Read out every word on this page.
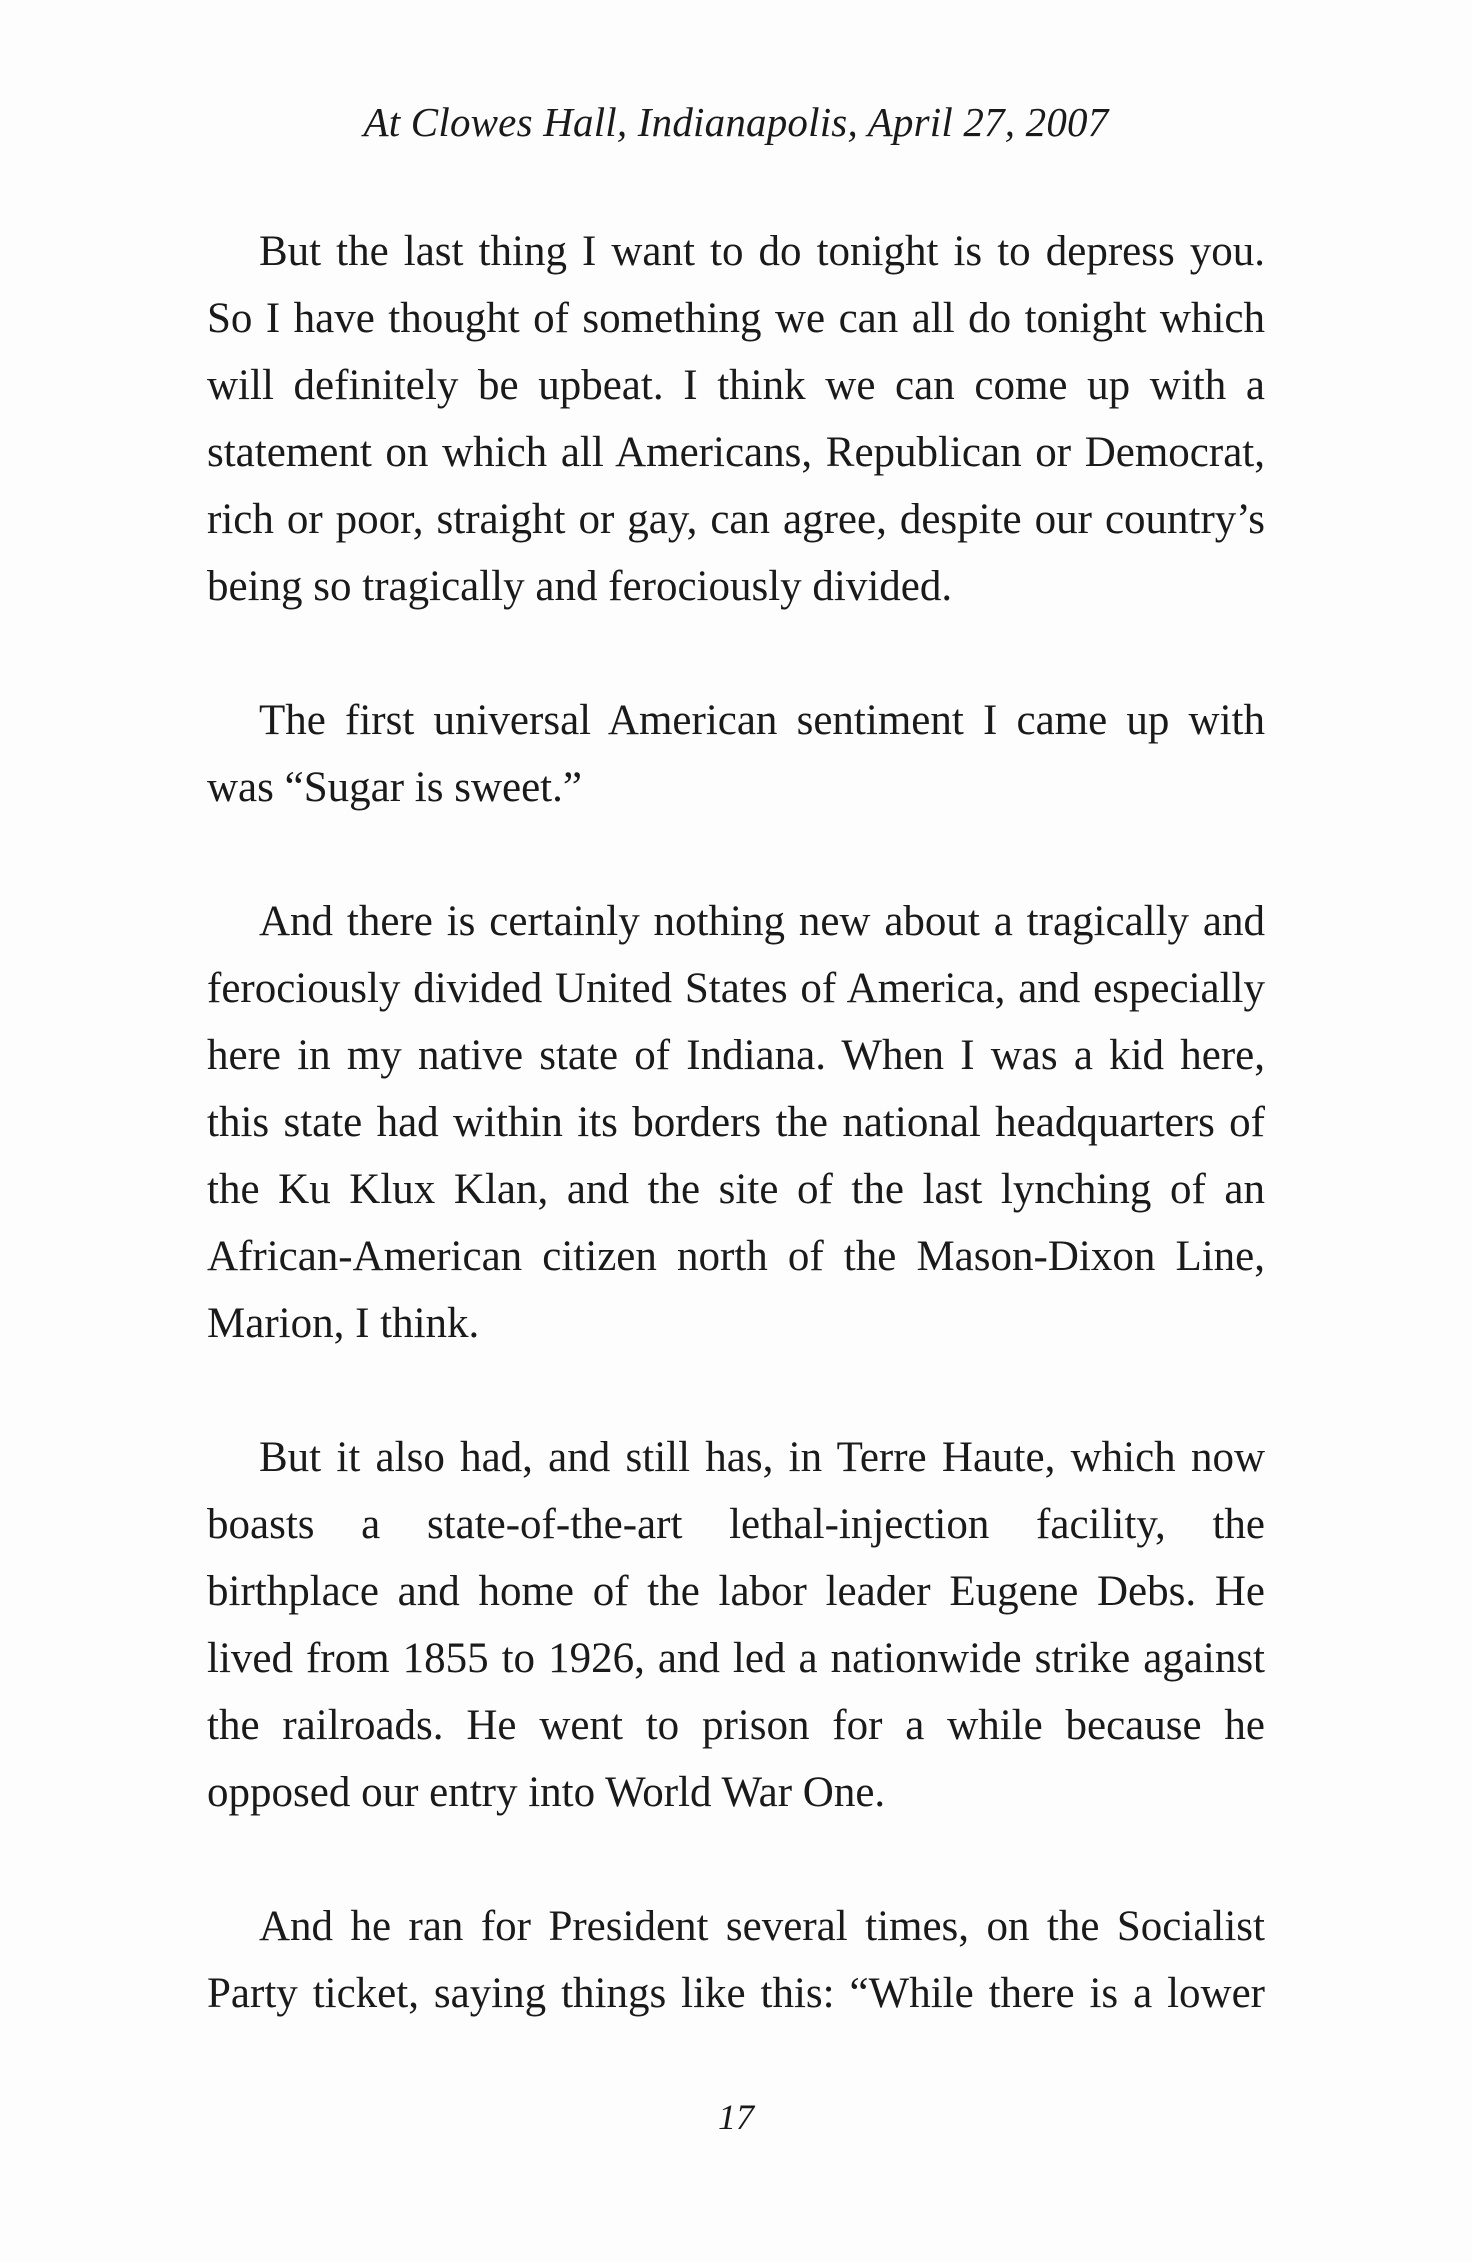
At Clowes Hall, Indianapolis, April 27, 2007

But the last thing I want to do tonight is to depress you. So I have thought of something we can all do tonight which will definitely be upbeat. I think we can come up with a statement on which all Americans, Republican or Democrat, rich or poor, straight or gay, can agree, despite our country’s being so tragically and ferociously divided.

The first universal American sentiment I came up with was “Sugar is sweet.”

And there is certainly nothing new about a tragically and ferociously divided United States of America, and especially here in my native state of Indiana. When I was a kid here, this state had within its borders the national headquarters of the Ku Klux Klan, and the site of the last lynching of an African-American citizen north of the Mason-Dixon Line, Marion, I think.

But it also had, and still has, in Terre Haute, which now boasts a state-of-the-art lethal-injection facility, the birthplace and home of the labor leader Eugene Debs. He lived from 1855 to 1926, and led a nationwide strike against the railroads. He went to prison for a while because he opposed our entry into World War One.

And he ran for President several times, on the Socialist Party ticket, saying things like this: “While there is a lower

17
